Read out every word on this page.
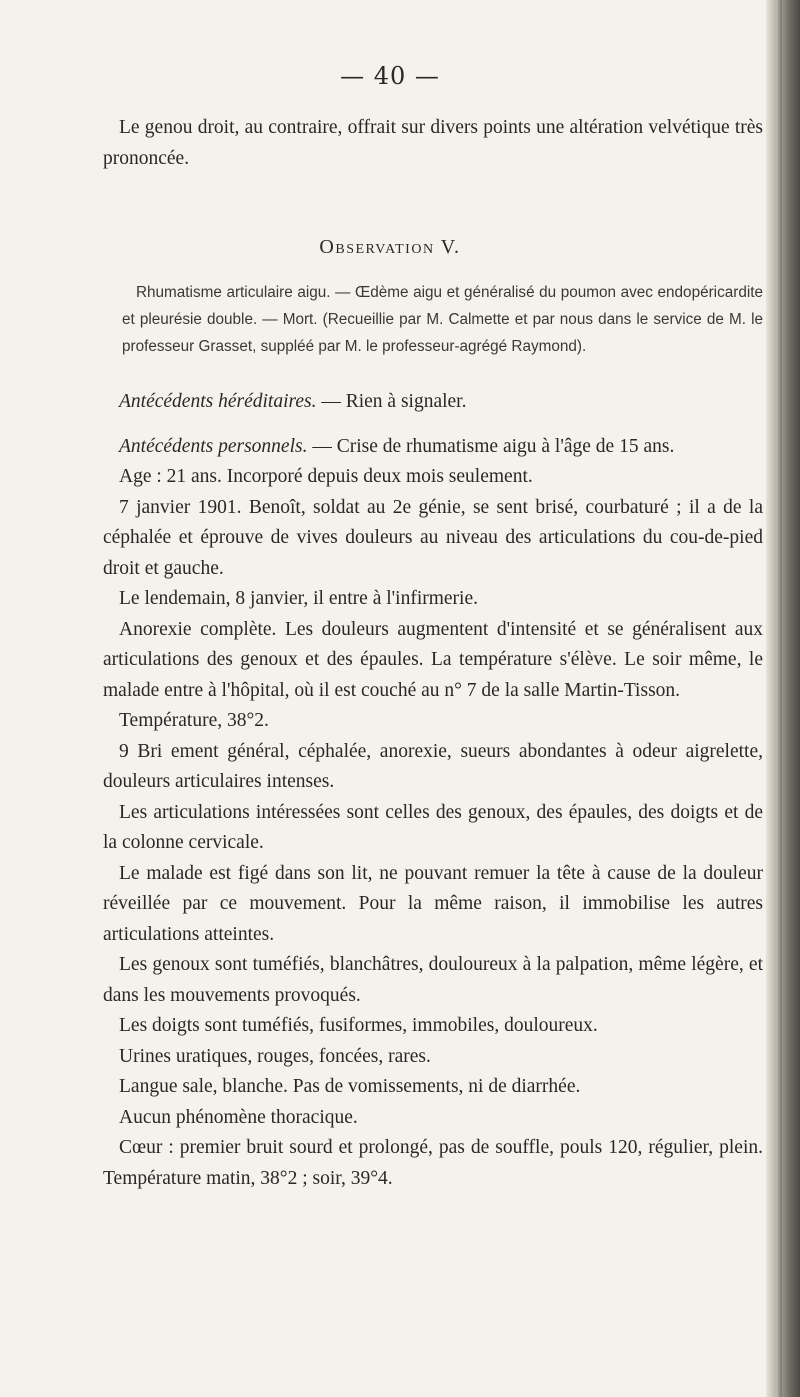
— 40 —

Le genou droit, au contraire, offrait sur divers points une altération velvétique très prononcée.

Observation V.

Rhumatisme articulaire aigu. — Œdème aigu et généralisé du poumon avec endopéricardite et pleurésie double. — Mort. (Recueillie par M. Calmette et par nous dans le service de M. le professeur Grasset, suppléé par M. le professeur-agrégé Raymond).

Antécédents héréditaires. — Rien à signaler.

Antécédents personnels. — Crise de rhumatisme aigu à l'âge de 15 ans.

Age : 21 ans. Incorporé depuis deux mois seulement.

7 janvier 1901. Benoît, soldat au 2e génie, se sent brisé, courbaturé ; il a de la céphalée et éprouve de vives douleurs au niveau des articulations du cou-de-pied droit et gauche.

Le lendemain, 8 janvier, il entre à l'infirmerie.

Anorexie complète. Les douleurs augmentent d'intensité et se généralisent aux articulations des genoux et des épaules. La température s'élève. Le soir même, le malade entre à l'hôpital, où il est couché au n° 7 de la salle Martin-Tisson.

Température, 38°2.

9 Bri ement général, céphalée, anorexie, sueurs abondantes à odeur aigrelette, douleurs articulaires intenses.

Les articulations intéressées sont celles des genoux, des épaules, des doigts et de la colonne cervicale.

Le malade est figé dans son lit, ne pouvant remuer la tête à cause de la douleur réveillée par ce mouvement. Pour la même raison, il immobilise les autres articulations atteintes.

Les genoux sont tuméfiés, blanchâtres, douloureux à la palpation, même légère, et dans les mouvements provoqués.

Les doigts sont tuméfiés, fusiformes, immobiles, douloureux.

Urines uratiques, rouges, foncées, rares.

Langue sale, blanche. Pas de vomissements, ni de diarrhée.

Aucun phénomène thoracique.

Cœur : premier bruit sourd et prolongé, pas de souffle, pouls 120, régulier, plein. Température matin, 38°2 ; soir, 39°4.
